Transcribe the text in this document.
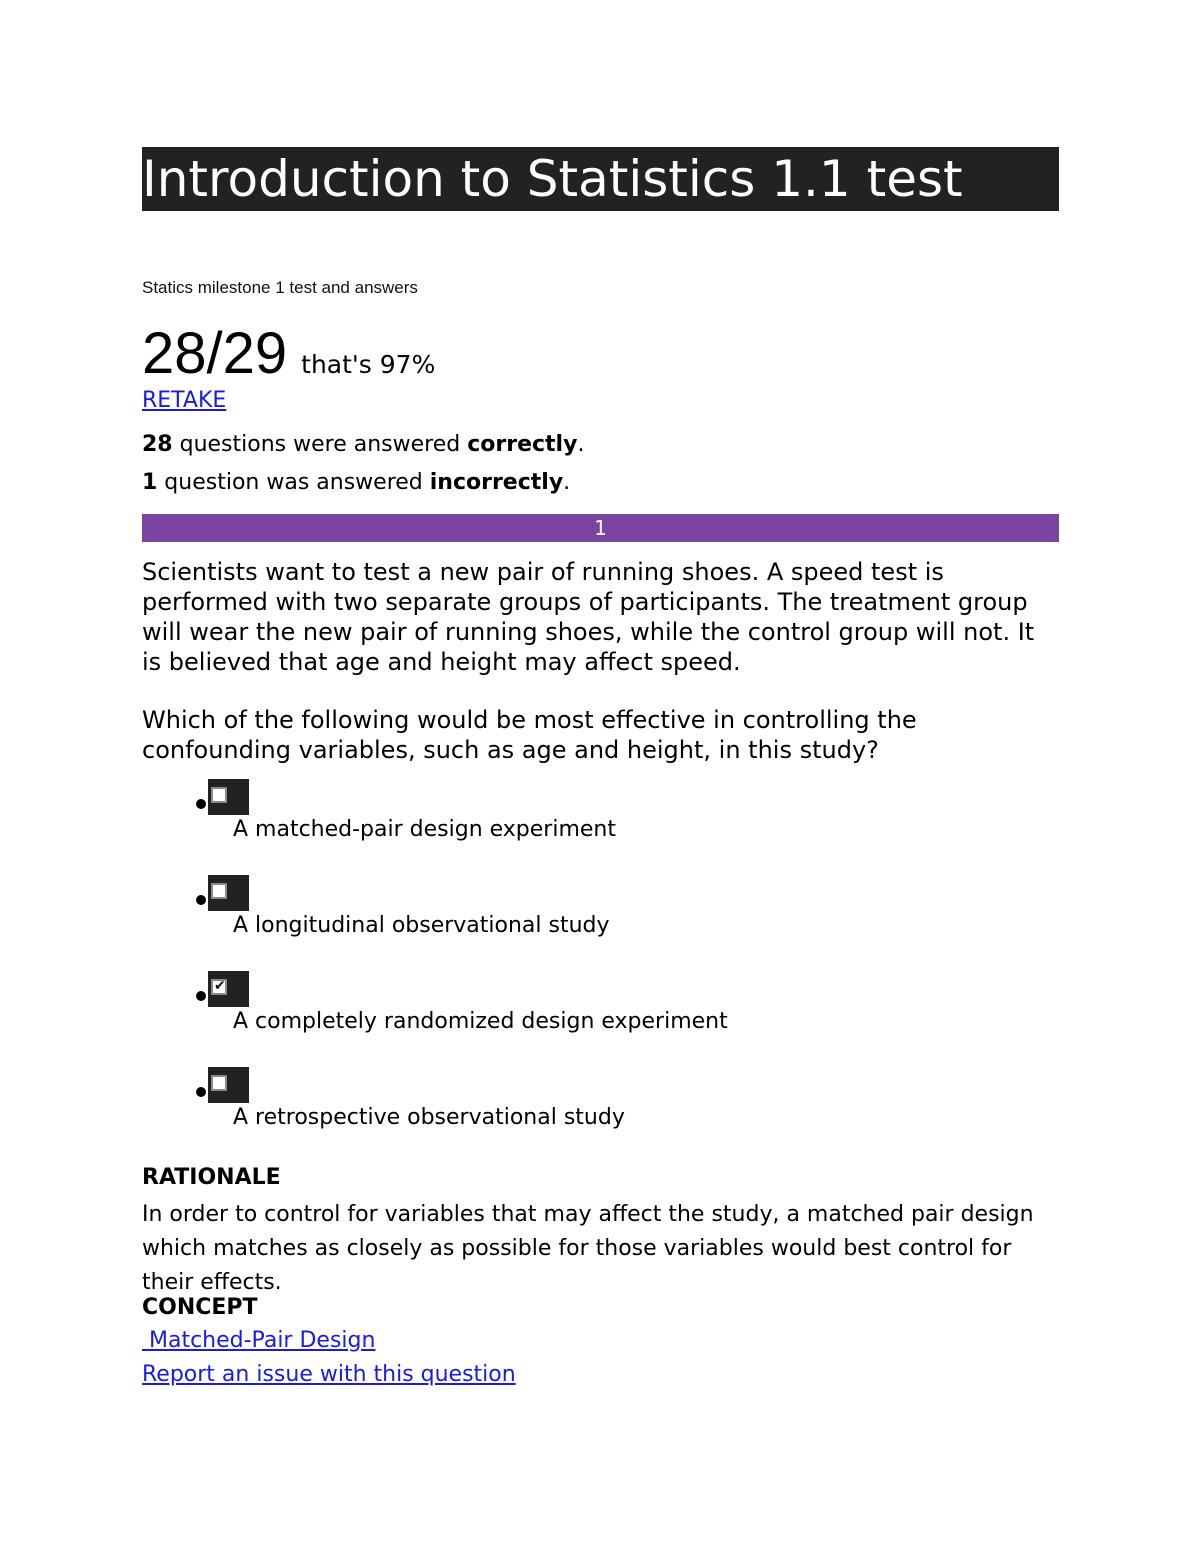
Introduction to Statistics 1.1 test
Statics milestone 1 test and answers
28/29 that's 97%
RETAKE
28 questions were answered correctly.
1 question was answered incorrectly.
1
Scientists want to test a new pair of running shoes. A speed test is performed with two separate groups of participants. The treatment group will wear the new pair of running shoes, while the control group will not. It is believed that age and height may affect speed.
Which of the following would be most effective in controlling the confounding variables, such as age and height, in this study?
A matched-pair design experiment
A longitudinal observational study
✔
A completely randomized design experiment
A retrospective observational study
RATIONALE
In order to control for variables that may affect the study, a matched pair design which matches as closely as possible for those variables would best control for their effects.
CONCEPT
Matched-Pair Design
Report an issue with this question
